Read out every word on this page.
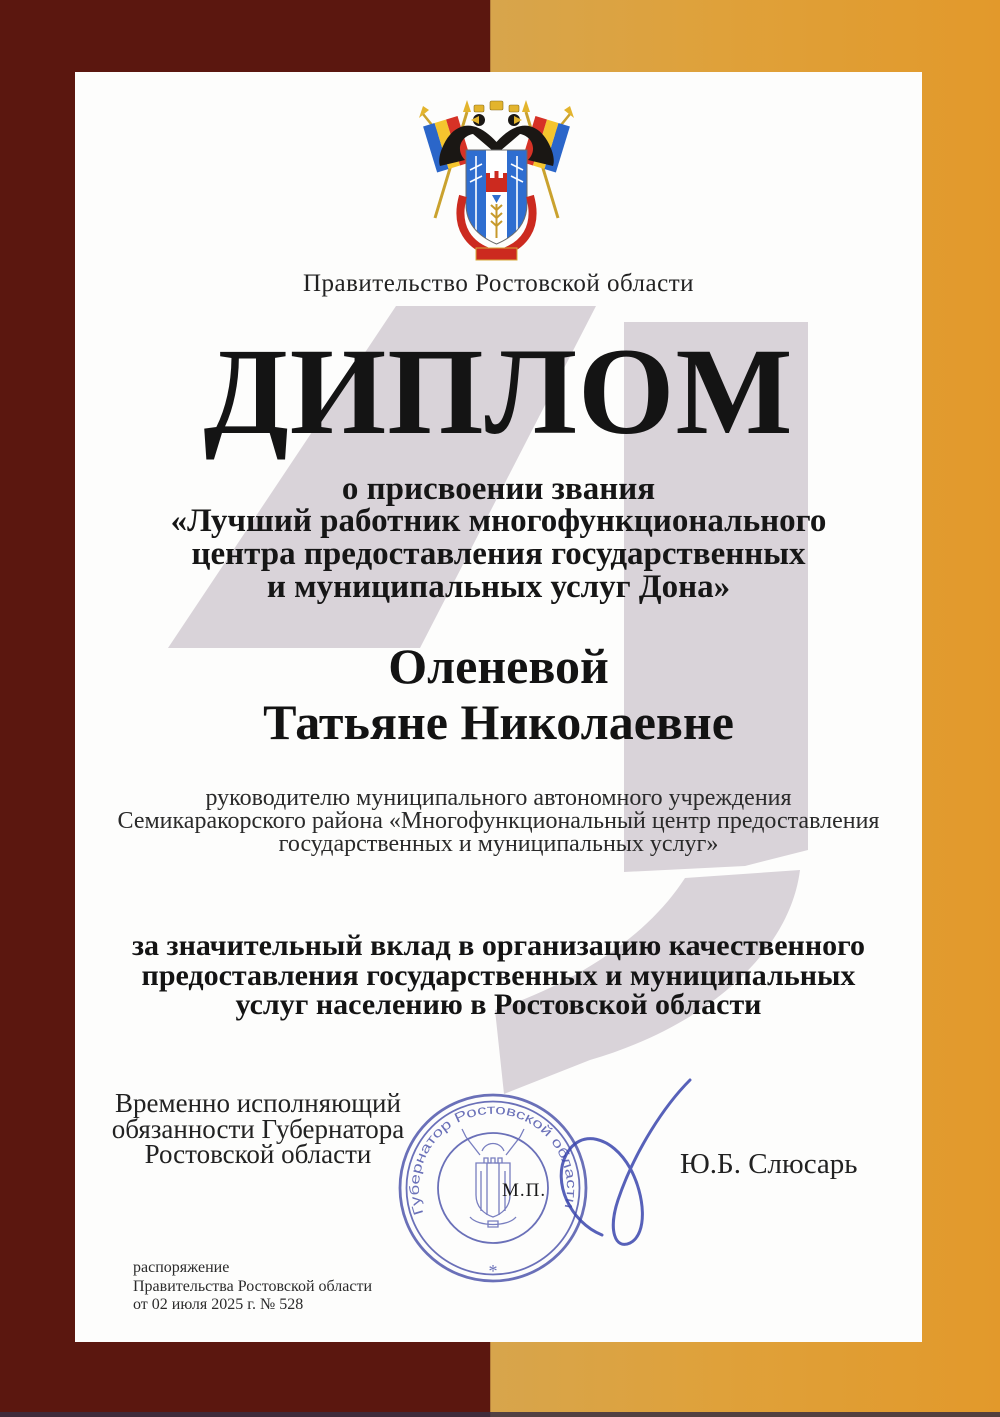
Правительство Ростовской области
ДИПЛОМ
о присвоении звания
«Лучший работник многофункционального
центра предоставления государственных
и муниципальных услуг Дона»
Оленевой
Татьяне Николаевне
руководителю муниципального автономного учреждения
Семикаракорского района «Многофункциональный центр предоставления
государственных и муниципальных услуг»
за значительный вклад в организацию качественного
предоставления государственных и муниципальных
услуг населению в Ростовской области
Временно исполняющий
обязанности Губернатора
Ростовской области
Губернатор Ростовской области
*
М.П.
Ю.Б. Слюсарь
распоряжение
Правительства Ростовской области
от 02 июля 2025 г. № 528
